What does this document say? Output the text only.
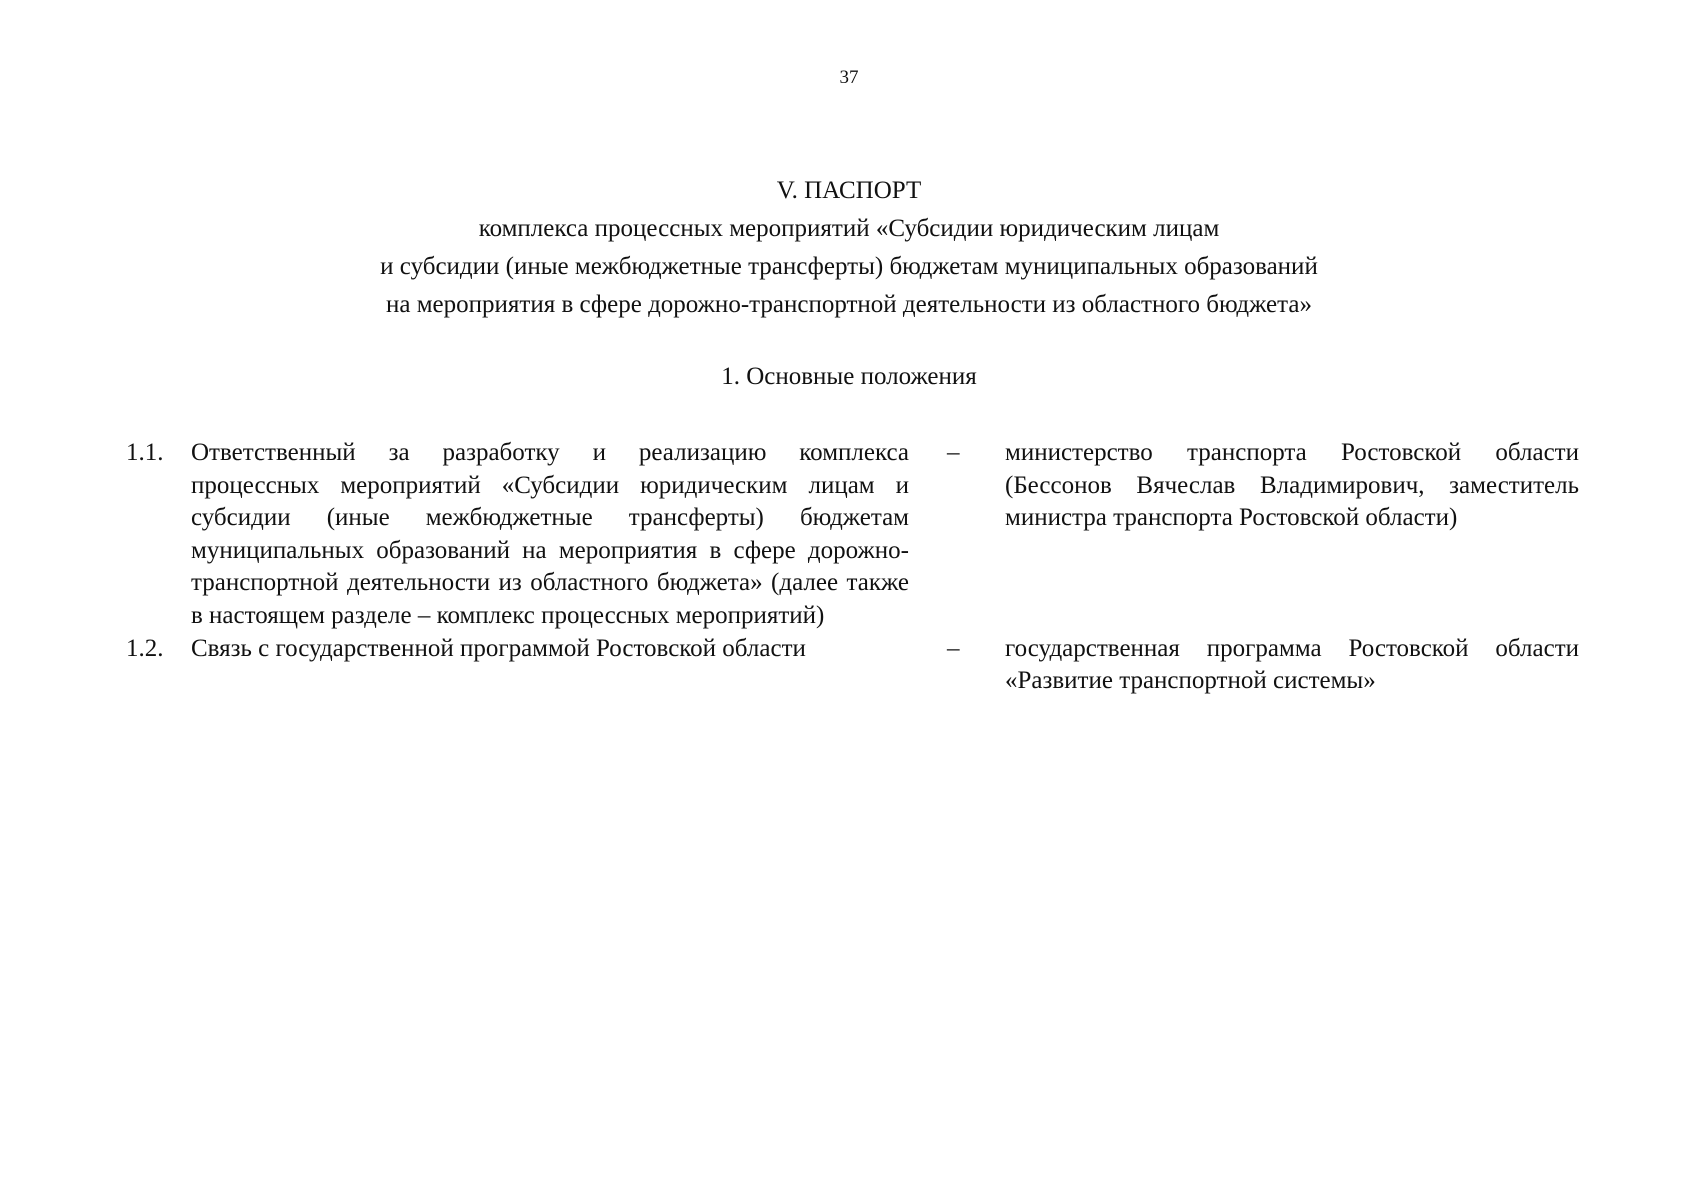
37
V. ПАСПОРТ
комплекса процессных мероприятий «Субсидии юридическим лицам
и субсидии (иные межбюджетные трансферты) бюджетам муниципальных образований
на мероприятия в сфере дорожно-транспортной деятельности из областного бюджета»
1. Основные положения
1.1. Ответственный за разработку и реализацию комплекса процессных мероприятий «Субсидии юридическим лицам и субсидии (иные межбюджетные трансферты) бюджетам муниципальных образований на мероприятия в сфере дорожно-транспортной деятельности из областного бюджета» (далее также в настоящем разделе – комплекс процессных мероприятий)
– министерство транспорта Ростовской области (Бессонов Вячеслав Владимирович, заместитель министра транспорта Ростовской области)
1.2. Связь с государственной программой Ростовской области	– государственная программа Ростовской области «Развитие транспортной системы»
